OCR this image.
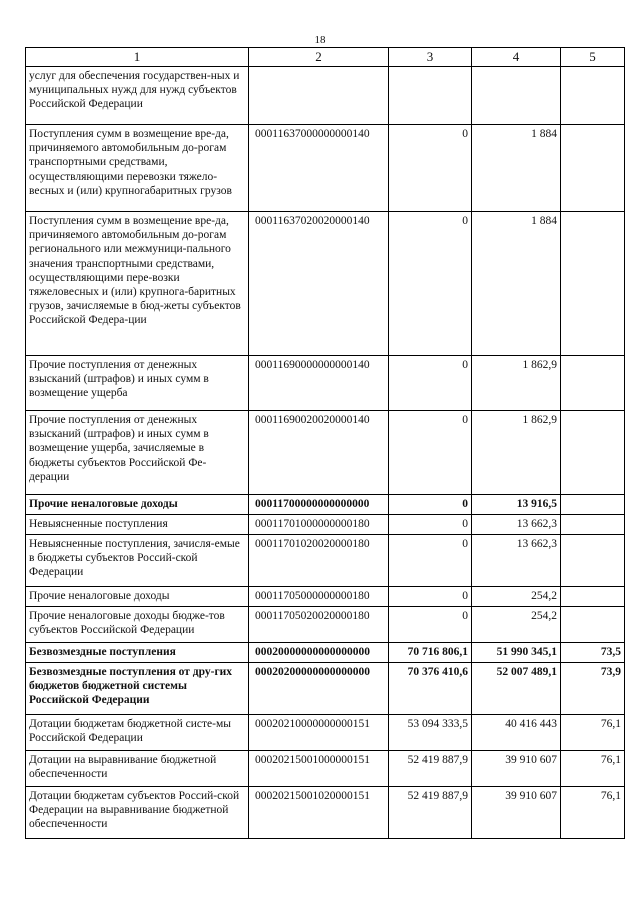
18
1	2	3	4	5
услуг для обеспечения государствен-ных и муниципальных нужд для нужд субъектов Российской Федерации				
Поступления сумм в возмещение вре-да, причиняемого автомобильным до-рогам транспортными средствами, осуществляющими перевозки тяжело-весных и (или) крупногабаритных грузов	00011637000000000140	0	1 884	
Поступления сумм в возмещение вре-да, причиняемого автомобильным до-рогам регионального или межмуници-пального значения транспортными средствами, осуществляющими пере-возки тяжеловесных и (или) крупнога-баритных грузов, зачисляемые в бюд-жеты субъектов Российской Федера-ции	00011637020020000140	0	1 884	
Прочие поступления от денежных взысканий (штрафов) и иных сумм в возмещение ущерба	00011690000000000140	0	1 862,9	
Прочие поступления от денежных взысканий (штрафов) и иных сумм в возмещение ущерба, зачисляемые в бюджеты субъектов Российской Фе-дерации	00011690020020000140	0	1 862,9	
Прочие неналоговые доходы	00011700000000000000	0	13 916,5	
Невыясненные поступления	00011701000000000180	0	13 662,3	
Невыясненные поступления, зачисля-емые в бюджеты субъектов Россий-ской Федерации	00011701020020000180	0	13 662,3	
Прочие неналоговые доходы	00011705000000000180	0	254,2	
Прочие неналоговые доходы бюдже-тов субъектов Российской Федерации	00011705020020000180	0	254,2	
Безвозмездные поступления	00020000000000000000	70 716 806,1	51 990 345,1	73,5
Безвозмездные поступления от дру-гих бюджетов бюджетной системы Российской Федерации	00020200000000000000	70 376 410,6	52 007 489,1	73,9
Дотации бюджетам бюджетной систе-мы Российской Федерации	00020210000000000151	53 094 333,5	40 416 443	76,1
Дотации на выравнивание бюджетной обеспеченности	00020215001000000151	52 419 887,9	39 910 607	76,1
Дотации бюджетам субъектов Россий-ской Федерации на выравнивание бюджетной обеспеченности	00020215001020000151	52 419 887,9	39 910 607	76,1
